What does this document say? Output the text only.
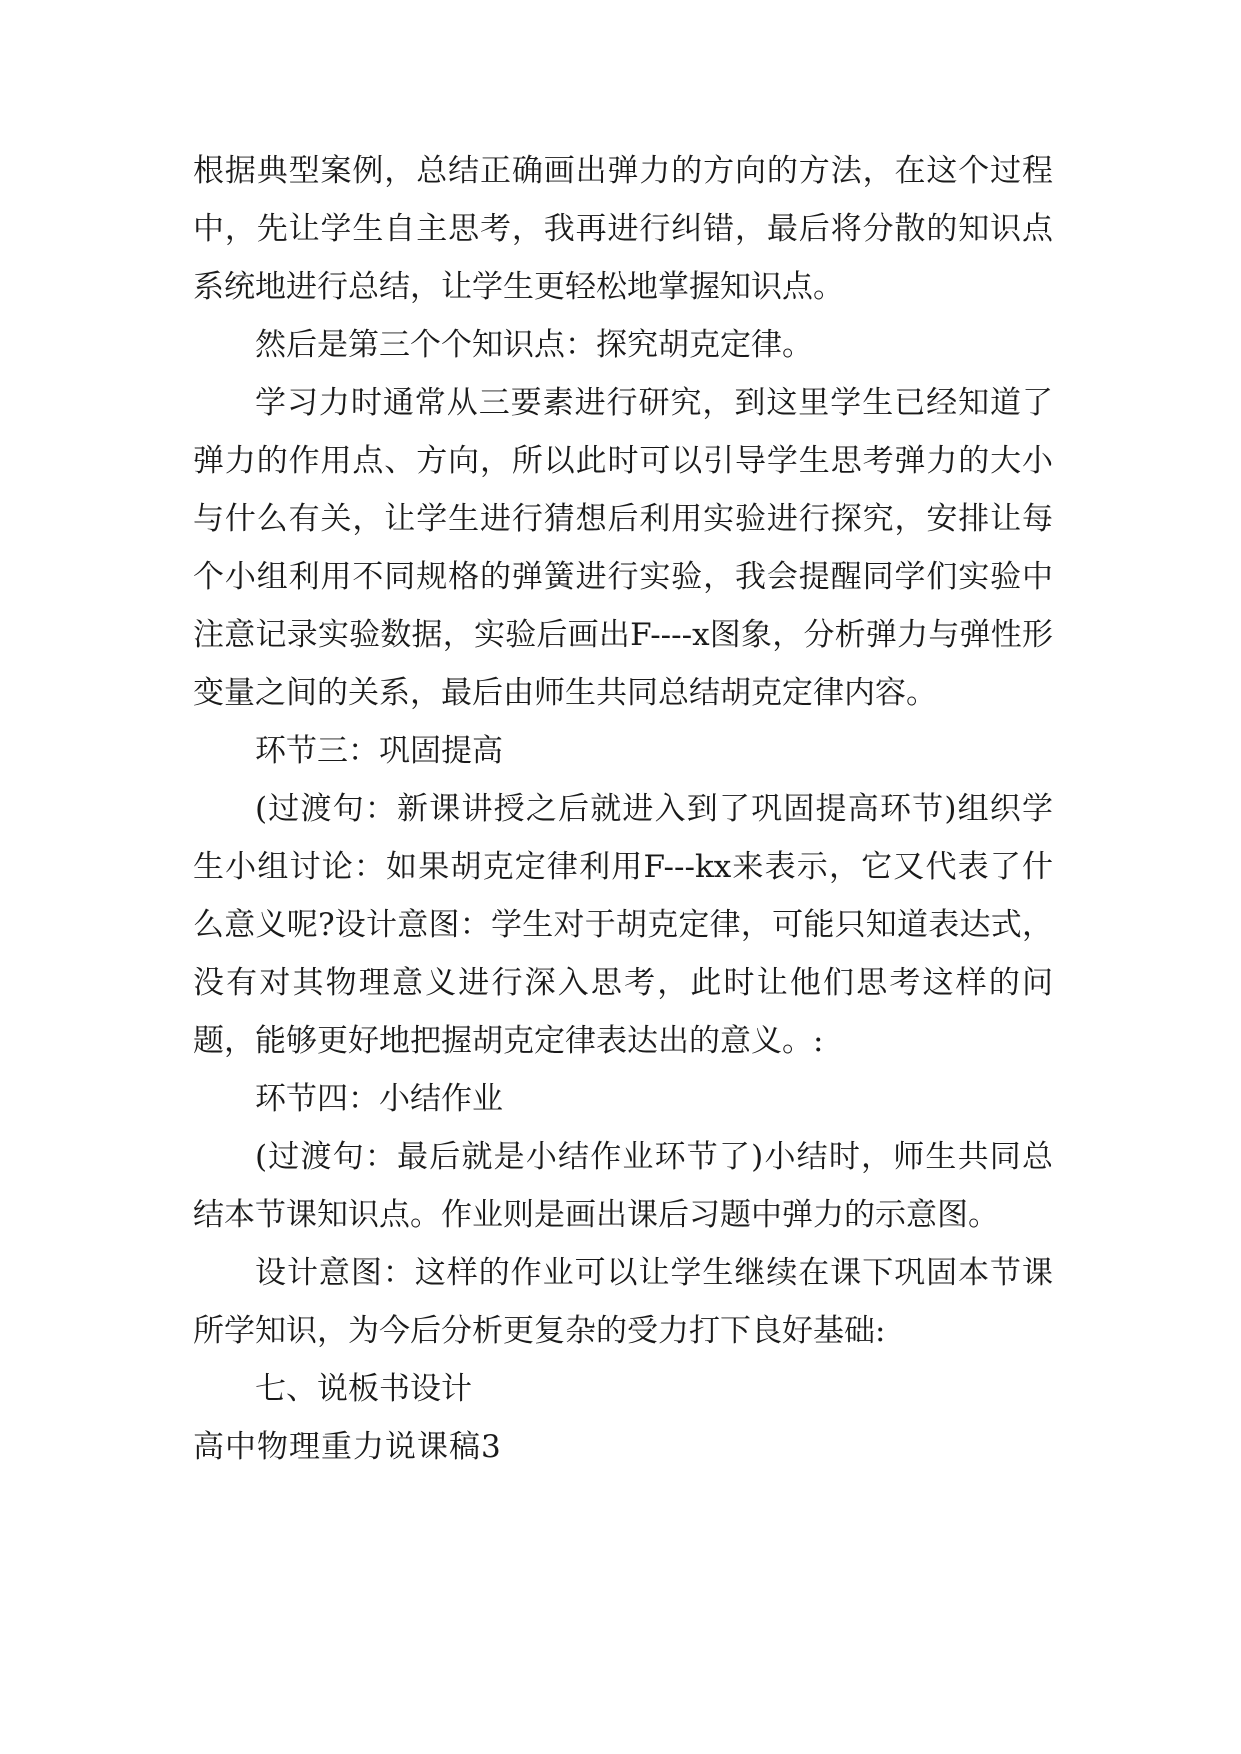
根据典型案例，总结正确画出弹力的方向的方法，在这个过程中，先让学生自主思考，我再进行纠错，最后将分散的知识点系统地进行总结，让学生更轻松地掌握知识点。

然后是第三个个知识点：探究胡克定律。

学习力时通常从三要素进行研究，到这里学生已经知道了弹力的作用点、方向，所以此时可以引导学生思考弹力的大小与什么有关，让学生进行猜想后利用实验进行探究，安排让每个小组利用不同规格的弹簧进行实验，我会提醒同学们实验中注意记录实验数据，实验后画出F----x图象，分析弹力与弹性形变量之间的关系，最后由师生共同总结胡克定律内容。

环节三：巩固提高

(过渡句：新课讲授之后就进入到了巩固提高环节)组织学生小组讨论：如果胡克定律利用F---kx来表示，它又代表了什么意义呢?设计意图：学生对于胡克定律，可能只知道表达式，没有对其物理意义进行深入思考，此时让他们思考这样的问题，能够更好地把握胡克定律表达出的意义。:

环节四：小结作业

(过渡句：最后就是小结作业环节了)小结时，师生共同总结本节课知识点。作业则是画出课后习题中弹力的示意图。

设计意图：这样的作业可以让学生继续在课下巩固本节课所学知识，为今后分析更复杂的受力打下良好基础:

七、说板书设计

高中物理重力说课稿3
